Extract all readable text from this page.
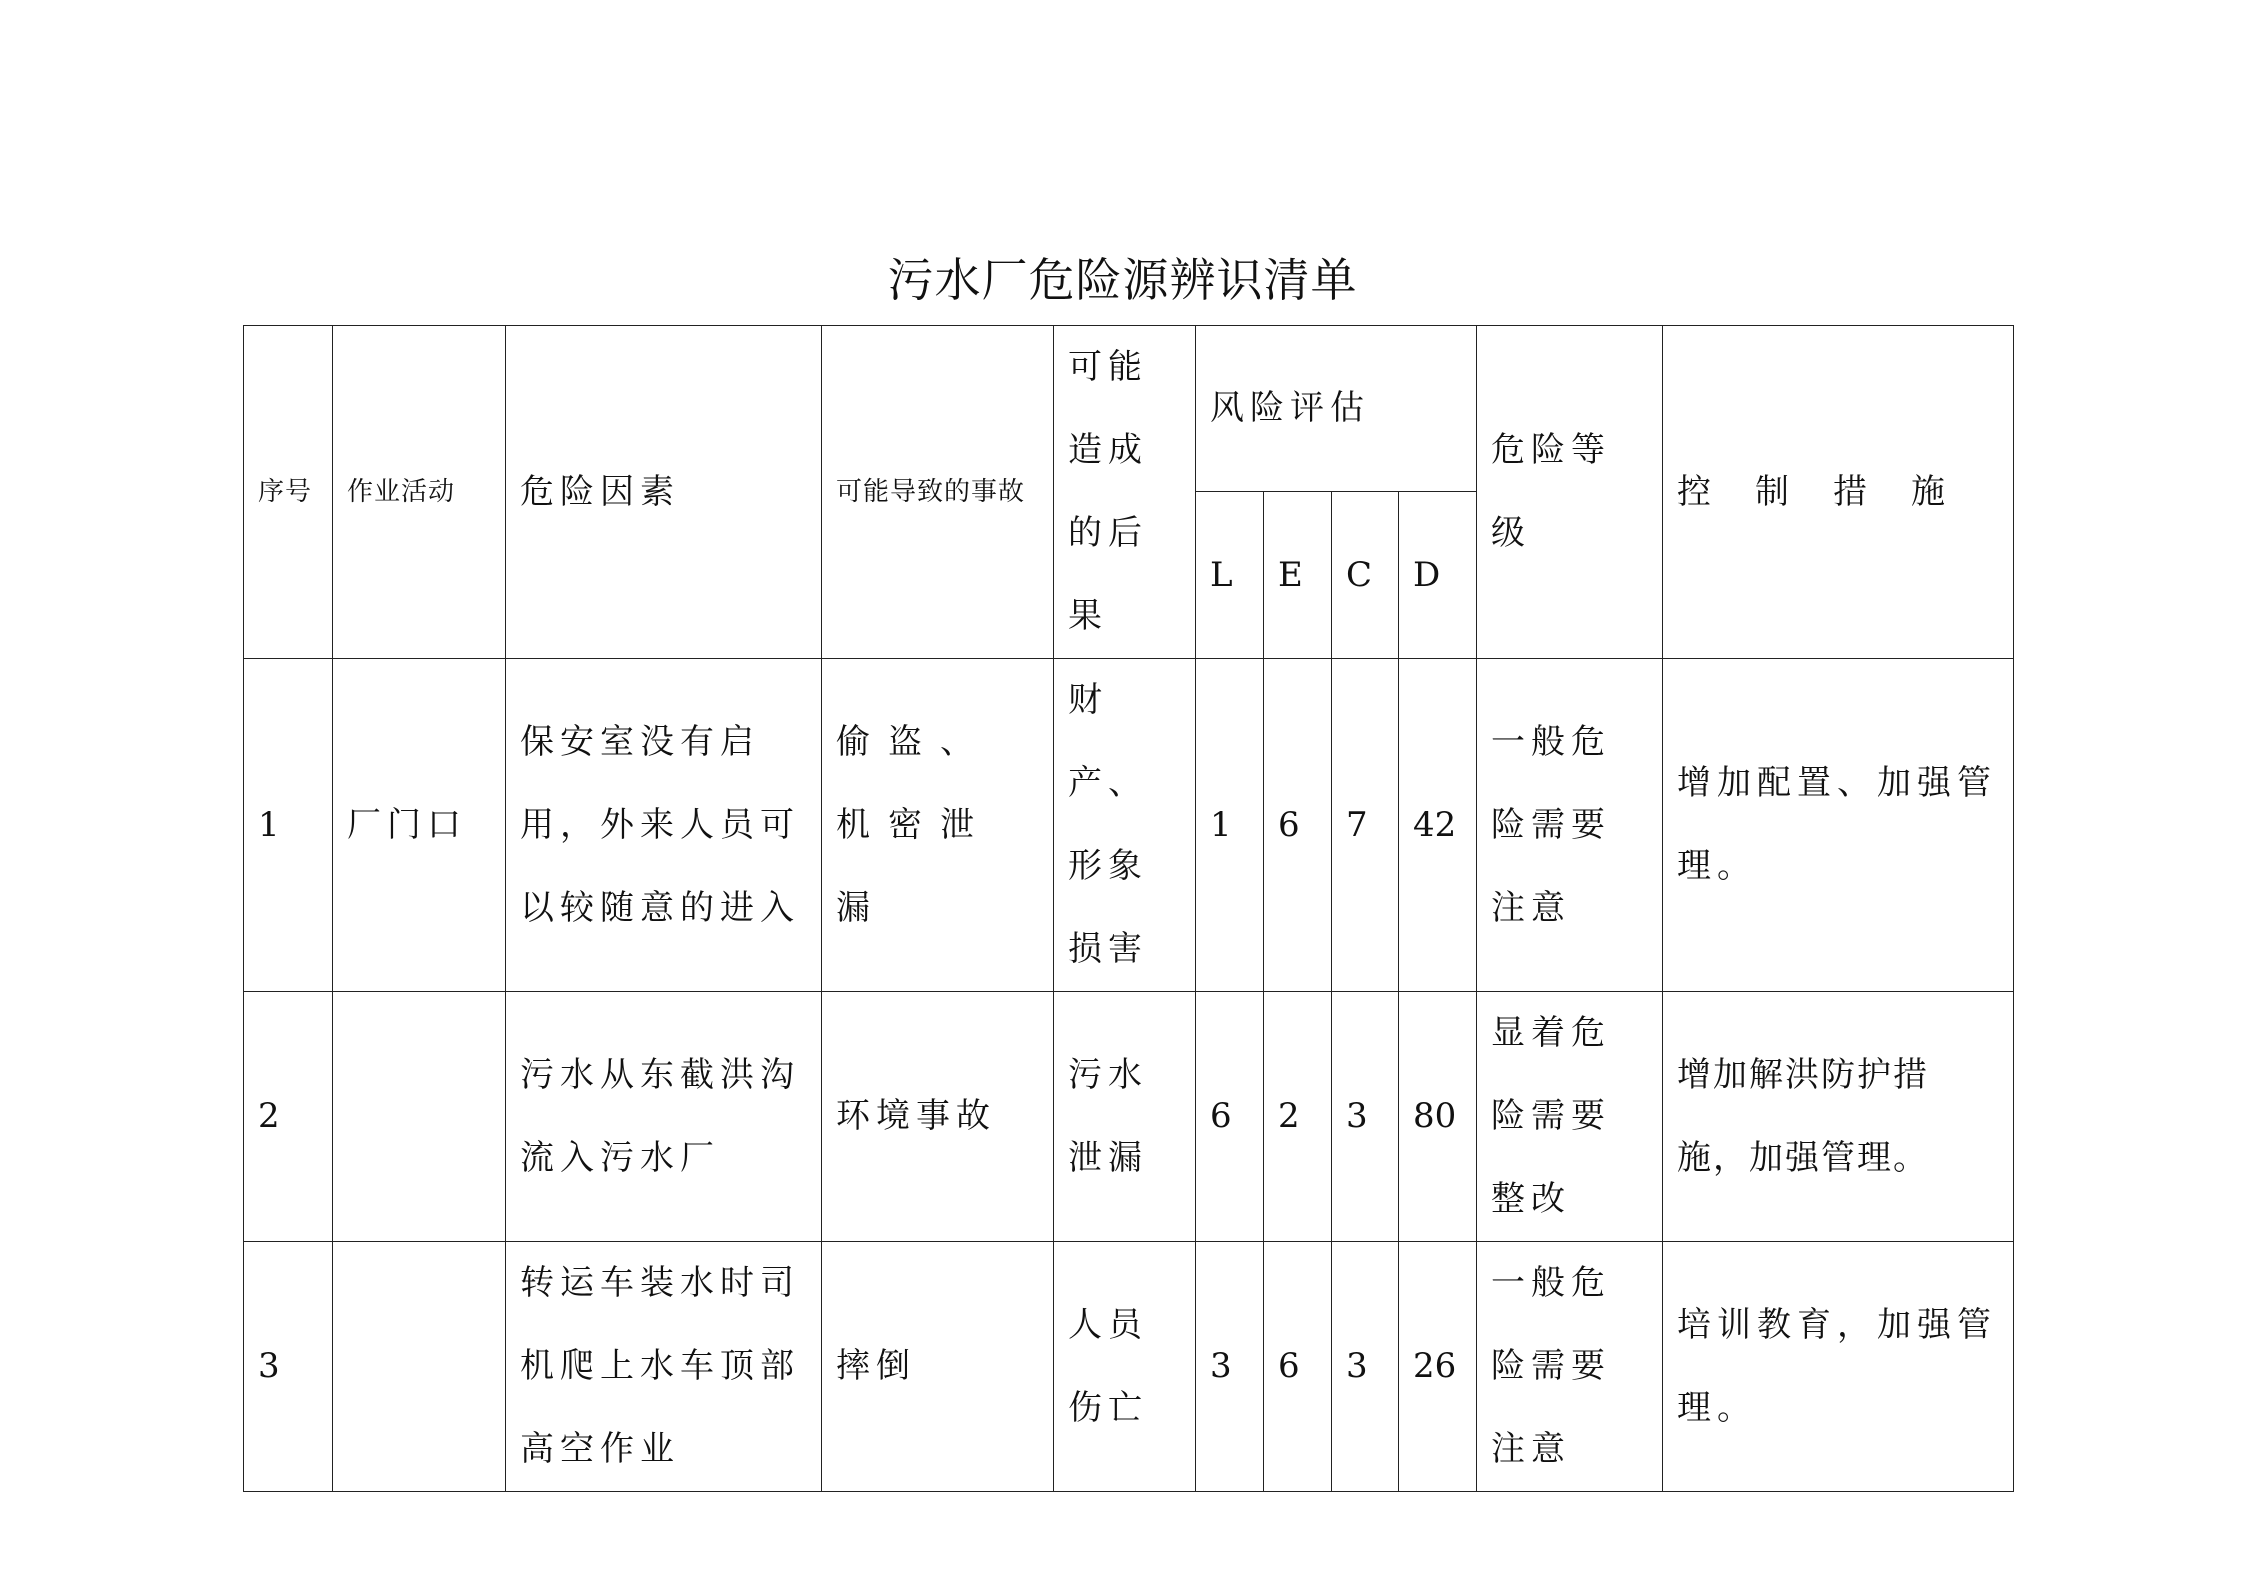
污水厂危险源辨识清单
序号	作业活动	危险因素	可能导致的事故	可能造成的后果	风险评估				危险等级	控制措施
					L	E	C	D		
1	厂门口	保安室没有启用，外来人员可以较随意的进入	偷盗、机密泄漏	财产、形象损害	1	6	7	42	一般危险需要注意	增加配置、加强管理。
2		污水从东截洪沟流入污水厂	环境事故	污水泄漏	6	2	3	80	显着危险需要整改	增加解洪防护措施，加强管理。
3		转运车装水时司机爬上水车顶部高空作业	摔倒	人员伤亡	3	6	3	26	一般危险需要注意	培训教育，加强管理。
